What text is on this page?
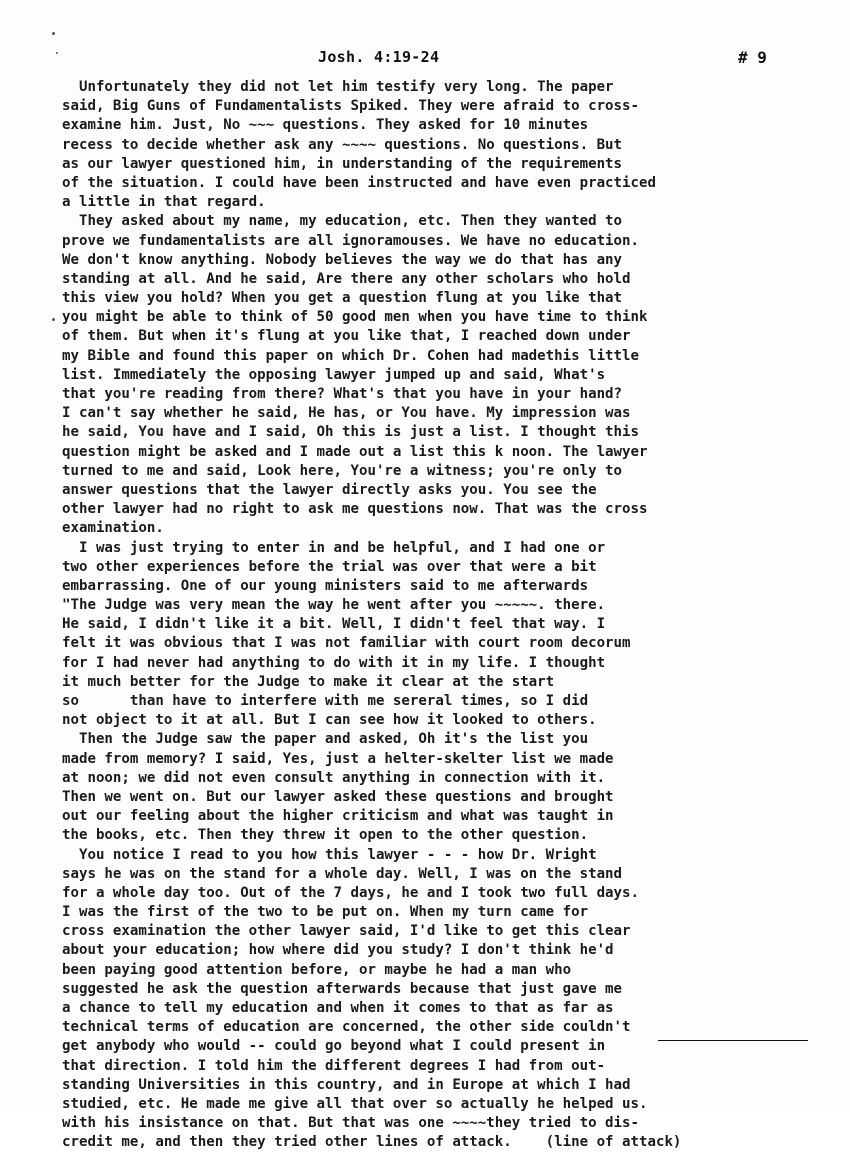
Josh. 4:19-24	# 9
Unfortunately they did not let him testify very long. The paper
said, Big Guns of Fundamentalists Spiked. They were afraid to cross-
examine him. Just, No ~~~ questions. They asked for 10 minutes
recess to decide whether ask any ~~~~ questions. No questions. But
as our lawyer questioned him, in understanding of the requirements
of the situation. I could have been instructed and have even practiced
a little in that regard.
They asked about my name, my education, etc. Then they wanted to
prove we fundamentalists are all ignoramouses. We have no education.
We don't know anything. Nobody believes the way we do that has any
standing at all. And he said, Are there any other scholars who hold
this view you hold? When you get a question flung at you like that
you might be able to think of 50 good men when you have time to think
of them. But when it's flung at you like that, I reached down under
my Bible and found this paper on which Dr. Cohen had madethis little
list. Immediately the opposing lawyer jumped up and said, What's
that you're reading from there? What's that you have in your hand?
I can't say whether he said, He has, or You have. My impression was
he said, You have and I said, Oh this is just a list. I thought this
question might be asked and I made out a list this k noon. The lawyer
turned to me and said, Look here, You're a witness; you're only to
answer questions that the lawyer directly asks you. You see the
other lawyer had no right to ask me questions now. That was the cross
examination.
I was just trying to enter in and be helpful, and I had one or
two other experiences before the trial was over that were a bit
embarrassing. One of our young ministers said to me afterwards
"The Judge was very mean the way he went after you ~~~~~. there.
He said, I didn't like it a bit. Well, I didn't feel that way. I
felt it was obvious that I was not familiar with court room decorum
for I had never had anything to do with it in my life. I thought
it much better for the Judge to make it clear at the start
so      than have to interfere with me sereral times, so I did
not object to it at all. But I can see how it looked to others.
Then the Judge saw the paper and asked, Oh it's the list you
made from memory? I said, Yes, just a helter-skelter list we made
at noon; we did not even consult anything in connection with it.
Then we went on. But our lawyer asked these questions and brought
out our feeling about the higher criticism and what was taught in
the books, etc. Then they threw it open to the other question.
You notice I read to you how this lawyer - - - how Dr. Wright
says he was on the stand for a whole day. Well, I was on the stand
for a whole day too. Out of the 7 days, he and I took two full days.
I was the first of the two to be put on. When my turn came for
cross examination the other lawyer said, I'd like to get this clear
about your education; how where did you study? I don't think he'd
been paying good attention before, or maybe he had a man who
suggested he ask the question afterwards because that just gave me
a chance to tell my education and when it comes to that as far as
technical terms of education are concerned, the other side couldn't
get anybody who would -- could go beyond what I could present in
that direction. I told him the different degrees I had from out-
standing Universities in this country, and in Europe at which I had
studied, etc. He made me give all that over so actually he helped us.
with his insistance on that. But that was one ~~~~they tried to dis-
credit me, and then they tried other lines of attack.    (line of attack)
